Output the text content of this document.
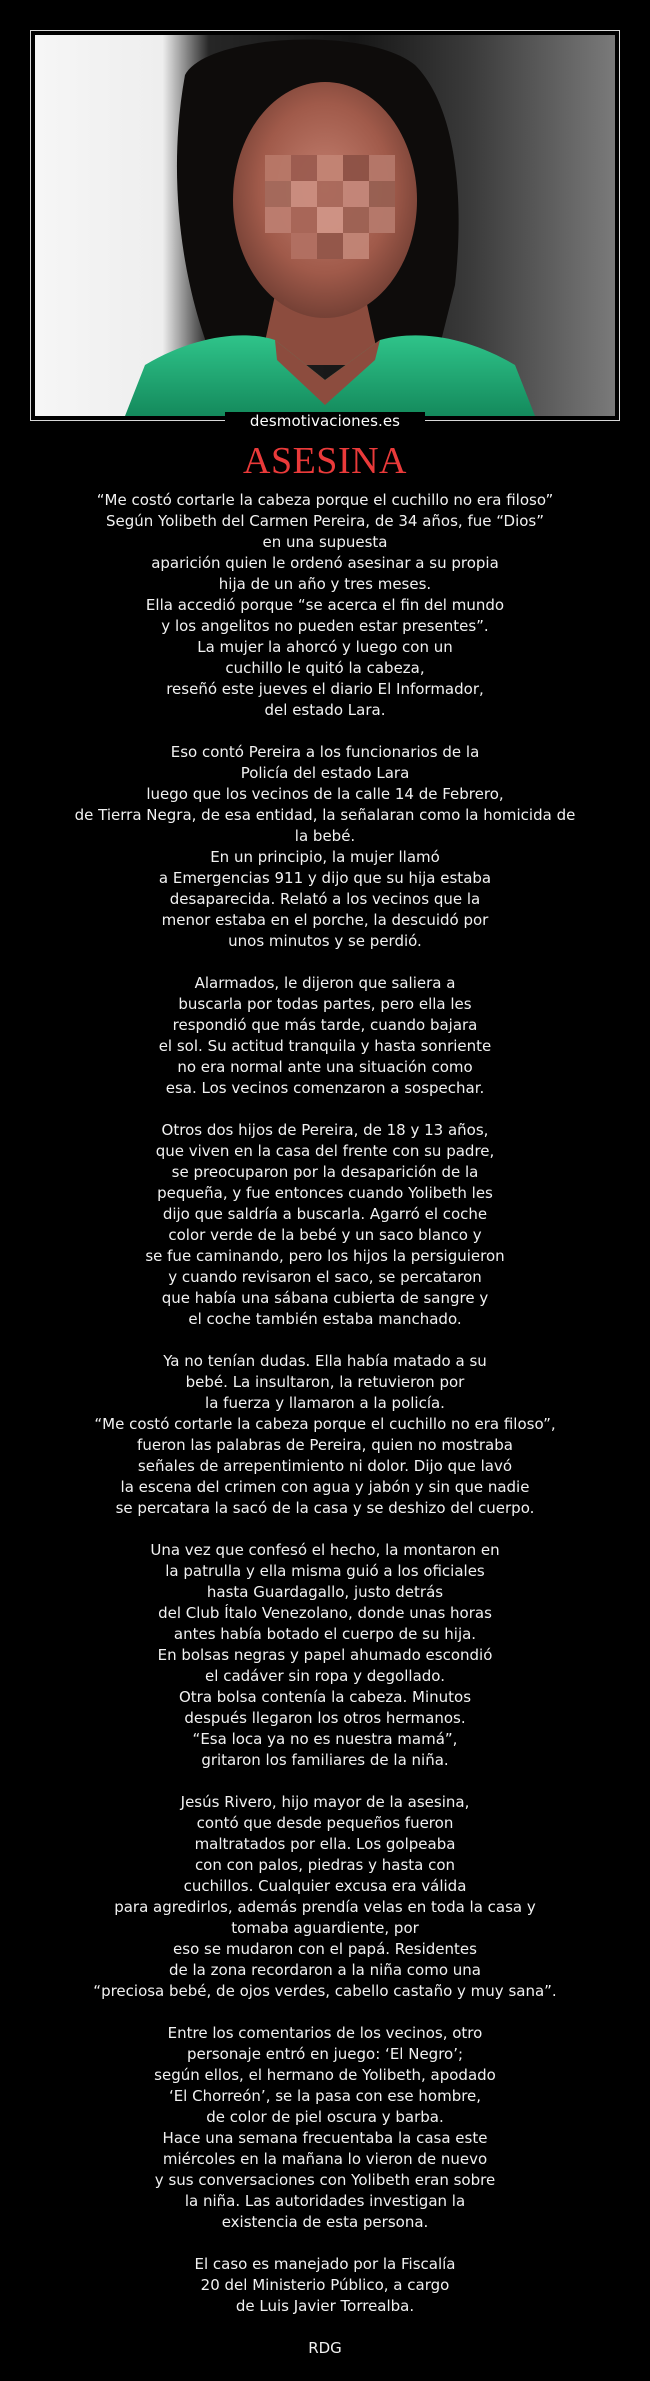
desmotivaciones.es
ASESINA
“Me costó cortarle la cabeza porque el cuchillo no era filoso”
Según Yolibeth del Carmen Pereira, de 34 años, fue “Dios”
en una supuesta
aparición quien le ordenó asesinar a su propia
hija de un año y tres meses.
Ella accedió porque “se acerca el fin del mundo
y los angelitos no pueden estar presentes”.
La mujer la ahorcó y luego con un
cuchillo le quitó la cabeza,
reseñó este jueves el diario El Informador,
del estado Lara.
Eso contó Pereira a los funcionarios de la
Policía del estado Lara
luego que los vecinos de la calle 14 de Febrero,
de Tierra Negra, de esa entidad, la señalaran como la homicida de
la bebé.
En un principio, la mujer llamó
a Emergencias 911 y dijo que su hija estaba
desaparecida. Relató a los vecinos que la
menor estaba en el porche, la descuidó por
unos minutos y se perdió.
Alarmados, le dijeron que saliera a
buscarla por todas partes, pero ella les
respondió que más tarde, cuando bajara
el sol. Su actitud tranquila y hasta sonriente
no era normal ante una situación como
esa. Los vecinos comenzaron a sospechar.
Otros dos hijos de Pereira, de 18 y 13 años,
que viven en la casa del frente con su padre,
se preocuparon por la desaparición de la
pequeña, y fue entonces cuando Yolibeth les
dijo que saldría a buscarla. Agarró el coche
color verde de la bebé y un saco blanco y
se fue caminando, pero los hijos la persiguieron
y cuando revisaron el saco, se percataron
que había una sábana cubierta de sangre y
el coche también estaba manchado.
Ya no tenían dudas. Ella había matado a su
bebé. La insultaron, la retuvieron por
la fuerza y llamaron a la policía.
“Me costó cortarle la cabeza porque el cuchillo no era filoso”,
fueron las palabras de Pereira, quien no mostraba
señales de arrepentimiento ni dolor. Dijo que lavó
la escena del crimen con agua y jabón y sin que nadie
se percatara la sacó de la casa y se deshizo del cuerpo.
Una vez que confesó el hecho, la montaron en
la patrulla y ella misma guió a los oficiales
hasta Guardagallo, justo detrás
del Club Ítalo Venezolano, donde unas horas
antes había botado el cuerpo de su hija.
En bolsas negras y papel ahumado escondió
el cadáver sin ropa y degollado.
Otra bolsa contenía la cabeza. Minutos
después llegaron los otros hermanos.
“Esa loca ya no es nuestra mamá”,
gritaron los familiares de la niña.
Jesús Rivero, hijo mayor de la asesina,
contó que desde pequeños fueron
maltratados por ella. Los golpeaba
con con palos, piedras y hasta con
cuchillos. Cualquier excusa era válida
para agredirlos, además prendía velas en toda la casa y
tomaba aguardiente, por
eso se mudaron con el papá. Residentes
de la zona recordaron a la niña como una
“preciosa bebé, de ojos verdes, cabello castaño y muy sana”.
Entre los comentarios de los vecinos, otro
personaje entró en juego: ‘El Negro’;
según ellos, el hermano de Yolibeth, apodado
‘El Chorreón’, se la pasa con ese hombre,
de color de piel oscura y barba.
Hace una semana frecuentaba la casa este
miércoles en la mañana lo vieron de nuevo
y sus conversaciones con Yolibeth eran sobre
la niña. Las autoridades investigan la
existencia de esta persona.
El caso es manejado por la Fiscalía
20 del Ministerio Público, a cargo
de Luis Javier Torrealba.
RDG
